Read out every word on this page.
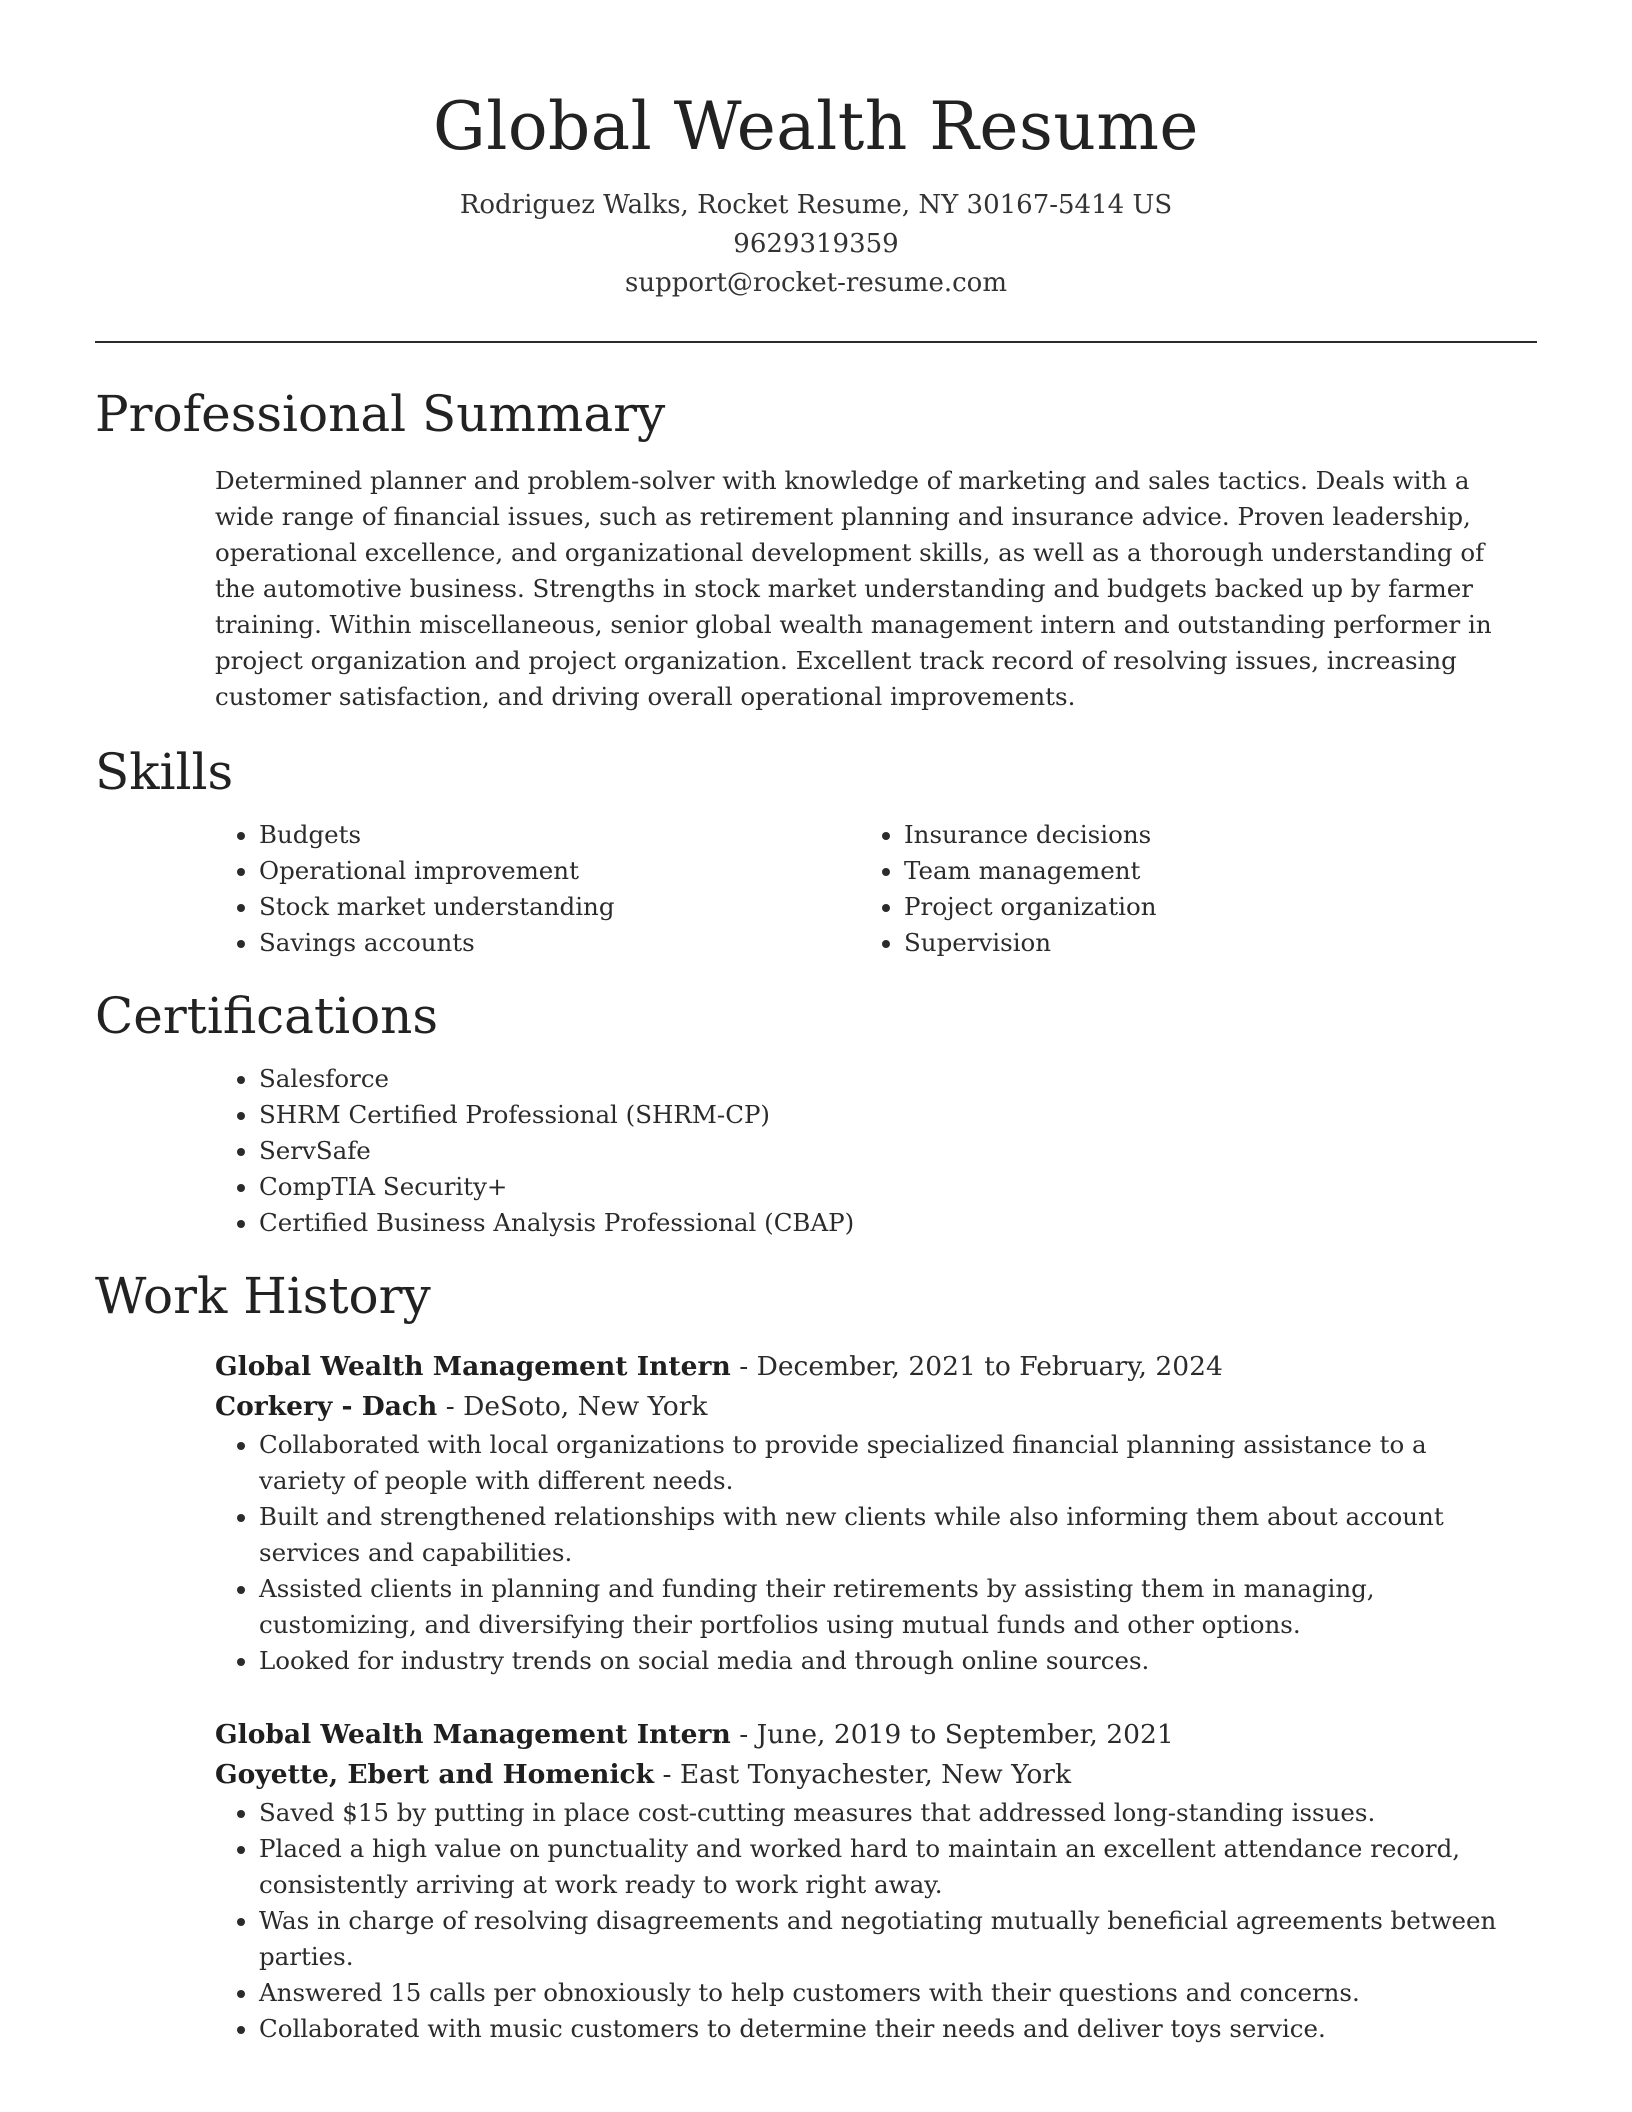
Global Wealth Resume

Rodriguez Walks, Rocket Resume, NY 30167-5414 US

9629319359

support@rocket-resume.com

Professional Summary

Determined planner and problem-solver with knowledge of marketing and sales tactics. Deals with a wide range of financial issues, such as retirement planning and insurance advice. Proven leadership, operational excellence, and organizational development skills, as well as a thorough understanding of the automotive business. Strengths in stock market understanding and budgets backed up by farmer training. Within miscellaneous, senior global wealth management intern and outstanding performer in project organization and project organization. Excellent track record of resolving issues, increasing customer satisfaction, and driving overall operational improvements.

Skills
• Budgets
• Operational improvement
• Stock market understanding
• Savings accounts
• Insurance decisions
• Team management
• Project organization
• Supervision
Certifications
• Salesforce
• SHRM Certified Professional (SHRM-CP)
• ServSafe
• CompTIA Security+
• Certified Business Analysis Professional (CBAP)
Work History

Global Wealth Management Intern - December, 2021 to February, 2024

Corkery - Dach - DeSoto, New York

• Collaborated with local organizations to provide specialized financial planning assistance to a variety of people with different needs.
• Built and strengthened relationships with new clients while also informing them about account services and capabilities.
• Assisted clients in planning and funding their retirements by assisting them in managing, customizing, and diversifying their portfolios using mutual funds and other options.
• Looked for industry trends on social media and through online sources.

Global Wealth Management Intern - June, 2019 to September, 2021

Goyette, Ebert and Homenick - East Tonyachester, New York

• Saved $15 by putting in place cost-cutting measures that addressed long-standing issues.
• Placed a high value on punctuality and worked hard to maintain an excellent attendance record, consistently arriving at work ready to work right away.
• Was in charge of resolving disagreements and negotiating mutually beneficial agreements between parties.
• Answered 15 calls per obnoxiously to help customers with their questions and concerns.
• Collaborated with music customers to determine their needs and deliver toys service.
